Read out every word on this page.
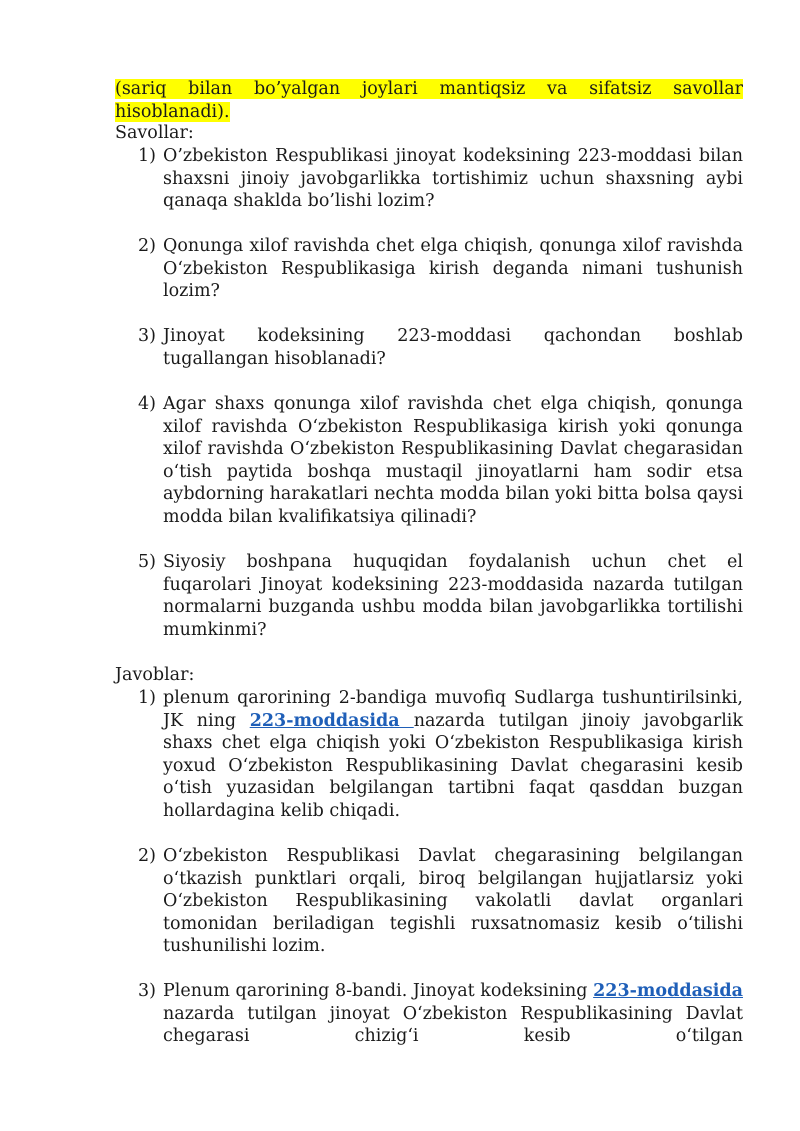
(sariq bilan bo’yalgan joylari mantiqsiz va sifatsiz savollar hisoblanadi).
Savollar:
1) O’zbekiston Respublikasi jinoyat kodeksining 223-moddasi bilan shaxsni jinoiy javobgarlikka tortishimiz uchun shaxsning aybi qanaqa shaklda bo’lishi lozim?
2) Qonunga xilof ravishda chet elga chiqish, qonunga xilof ravishda O‘zbekiston Respublikasiga kirish deganda nimani tushunish lozim?
3) Jinoyat kodeksining 223-moddasi qachondan boshlab tugallangan hisoblanadi?
4) Agar shaxs qonunga xilof ravishda chet elga chiqish, qonunga xilof ravishda O‘zbekiston Respublikasiga kirish yoki qonunga xilof ravishda O‘zbekiston Respublikasining Davlat chegarasidan o‘tish paytida boshqa mustaqil jinoyatlarni ham sodir etsa aybdorning harakatlari nechta modda bilan yoki bitta bolsa qaysi modda bilan kvalifikatsiya qilinadi?
5) Siyosiy boshpana huquqidan foydalanish uchun chet el fuqarolari Jinoyat kodeksining 223-moddasida nazarda tutilgan normalarni buzganda ushbu modda bilan javobgarlikka tortilishi mumkinmi?
Javoblar:
1) plenum qarorining 2-bandiga muvofiq Sudlarga tushuntirilsinki, JK ning 223-moddasida nazarda tutilgan jinoiy javobgarlik shaxs chet elga chiqish yoki O‘zbekiston Respublikasiga kirish yoxud O‘zbekiston Respublikasining Davlat chegarasini kesib o‘tish yuzasidan belgilangan tartibni faqat qasddan buzgan hollardagina kelib chiqadi.
2) O‘zbekiston Respublikasi Davlat chegarasining belgilangan o‘tkazish punktlari orqali, biroq belgilangan hujjatlarsiz yoki O‘zbekiston Respublikasining vakolatli davlat organlari tomonidan beriladigan tegishli ruxsatnomasiz kesib o‘tilishi tushunilishi lozim.
3) Plenum qarorining 8-bandi. Jinoyat kodeksining 223-moddasida nazarda tutilgan jinoyat O‘zbekiston Respublikasining Davlat chegarasi chizig‘i kesib o‘tilgan
